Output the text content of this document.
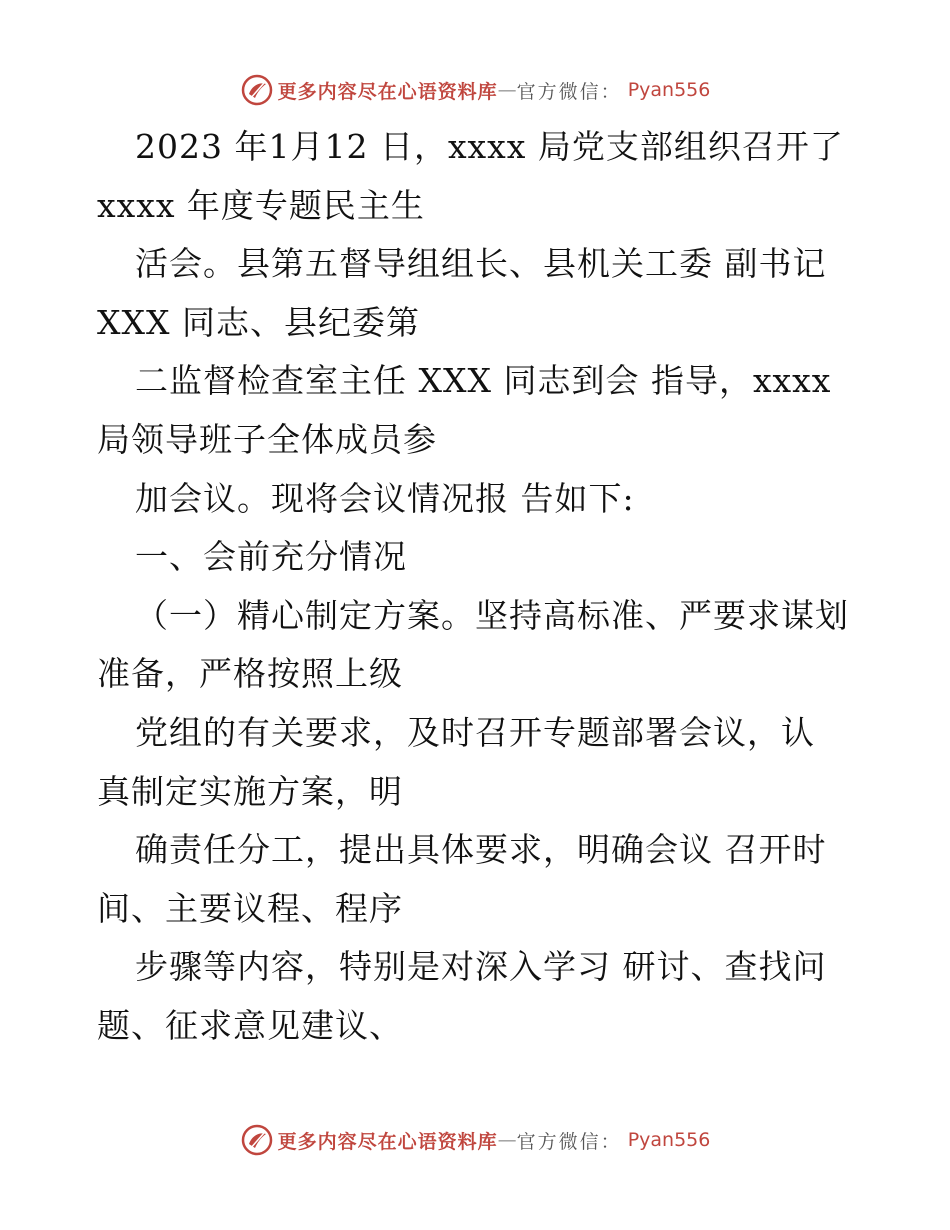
更多内容尽在心语资料库 — 官方微信： Pyan556
2023 年1月12 日，xxxx 局党支部组织召开了
xxxx 年度专题民主生
活会。县第五督导组组长、县机关工委 副书记
XXX 同志、县纪委第
二监督检查室主任 XXX 同志到会 指导，xxxx
局领导班子全体成员参
加会议。现将会议情况报 告如下:
一、会前充分情况
（一）精心制定方案。坚持高标准、严要求谋划
准备，严格按照上级
党组的有关要求，及时召开专题部署会议，认
真制定实施方案，明
确责任分工，提出具体要求，明确会议 召开时
间、主要议程、程序
步骤等内容，特别是对深入学习 研讨、查找问
题、征求意见建议、
更多内容尽在心语资料库 — 官方微信： Pyan556
